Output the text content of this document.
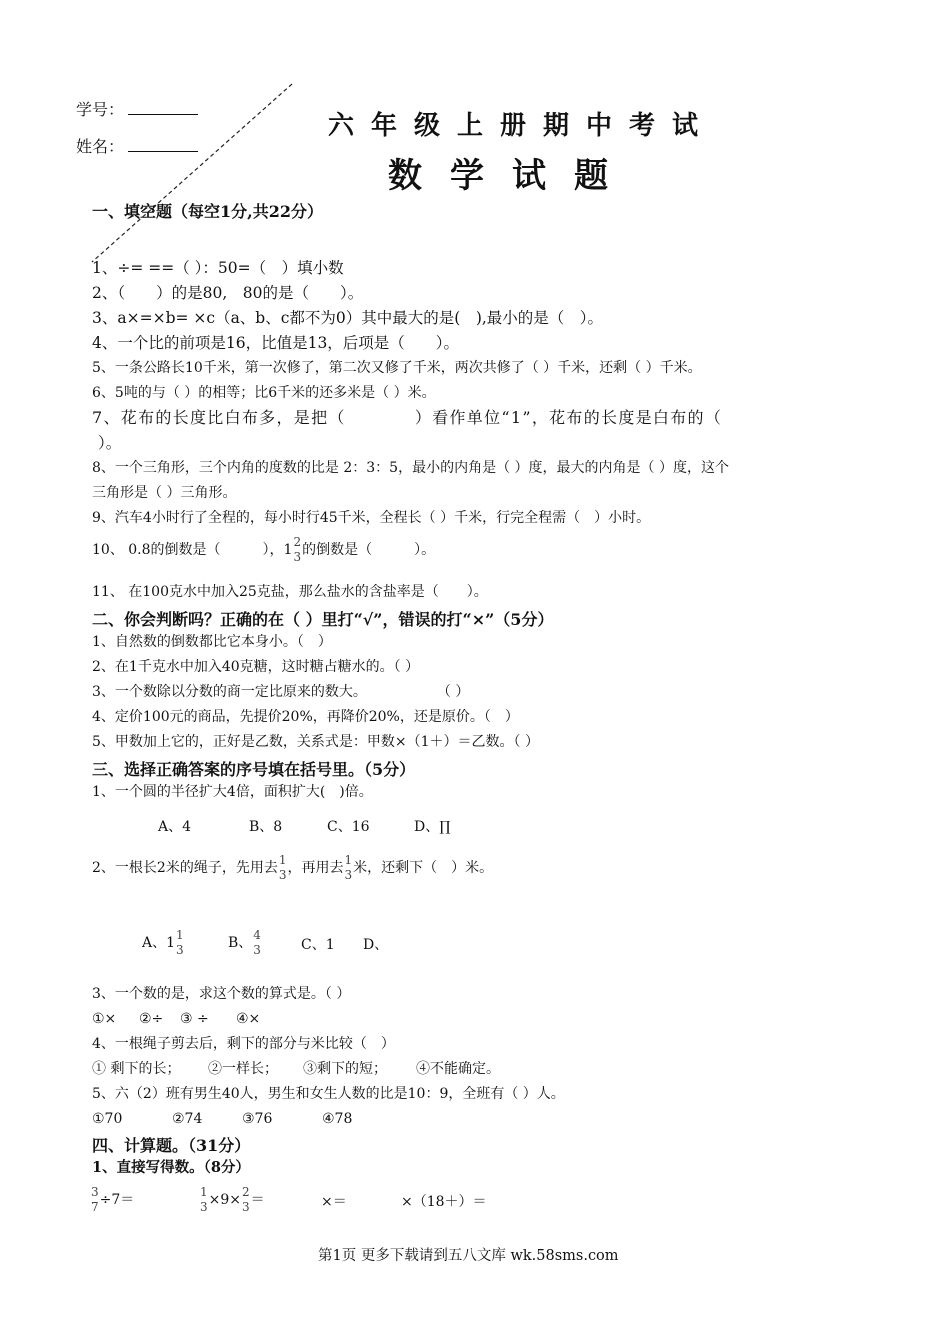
学号：
姓名：
六年级上册期中考试
数学试题
一、填空题（每空1分,共22分）
1、÷= ==（ ）：50=（　）填小数
2、（　　）的是80,　80的是（　　）。
3、a×=×b= ×c（a、b、c都不为0）其中最大的是(　),最小的是（　）。
4、一个比的前项是16，比值是13，后项是（　　）。
5、一条公路长10千米，第一次修了，第二次又修了千米，两次共修了（ ）千米，还剩（ ）千米。
6、5吨的与（ ）的相等；比6千米的还多米是（ ）米。
7、花布的长度比白布多，是把（　　　　）看作单位“1”，花布的长度是白布的（
）。
8、一个三角形，三个内角的度数的比是 2：3：5，最小的内角是（ ）度，最大的内角是（ ）度，这个
三角形是（ ）三角形。
9、汽车4小时行了全程的，每小时行45千米，全程长（ ）千米，行完全程需（　）小时。
10、 0.8的倒数是（　　　），1 2
3 的倒数是（　　　）。
11、 在100克水中加入25克盐，那么盐水的含盐率是（　　）。
二、你会判断吗？正确的在（ ）里打“√”，错误的打“×”（5分）
1、自然数的倒数都比它本身小。（　）
2、在1千克水中加入40克糖，这时糖占糖水的。（ ）
3、一个数除以分数的商一定比原来的数大。　　　　　　（ ）
4、定价100元的商品，先提价20%，再降价20%，还是原价。（　）
5、甲数加上它的，正好是乙数，关系式是：甲数×（1＋）＝乙数。（ ）
三、选择正确答案的序号填在括号里。（5分）
1、一个圆的半径扩大4倍，面积扩大(　)倍。
A、4	B、8	C、16	D、∏
2、一根长2米的绳子，先用去 1
3 ，再用去 1
3 米，还剩下（　）米。
A、1 1
3	B、 4
3	C、1 D、
3、一个数的是，求这个数的算式是。（ ）
①× ②÷ ③ ÷ ④×
4、一根绳子剪去后，剩下的部分与米比较（　）
① 剩下的长； ②一样长； ③剩下的短； ④不能确定。
5、六（2）班有男生40人，男生和女生人数的比是10：9，全班有（ ）人。
①70	②74	③76	④78
四、计算题。（31分）
1、直接写得数。（8分）
3
7 ÷7＝	1
3 ×9× 2
3 ＝	×＝	×（18＋）＝
第1页 更多下载请到五八文库 wk.58sms.com
